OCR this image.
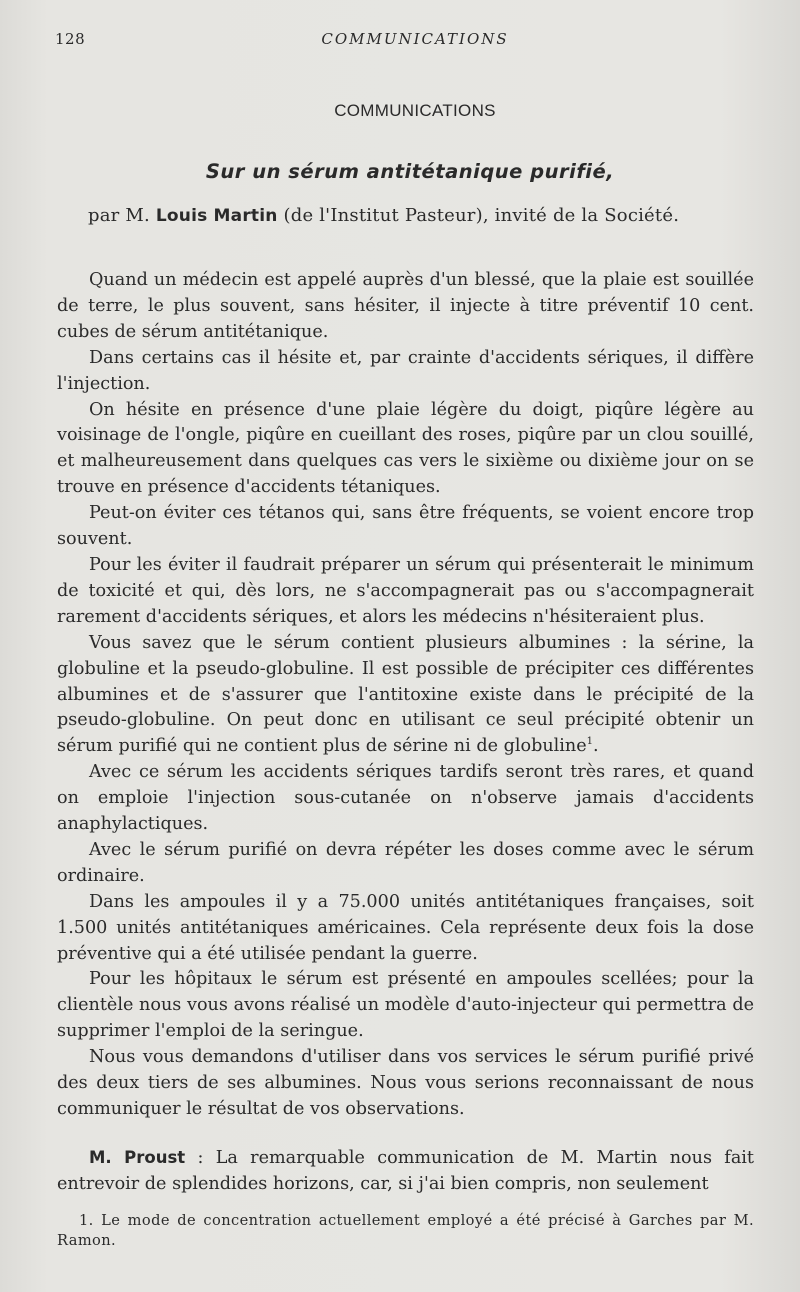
128	COMMUNICATIONS
COMMUNICATIONS
Sur un sérum antitétanique purifié,
par M. Louis Martin (de l'Institut Pasteur), invité de la Société.

Quand un médecin est appelé auprès d'un blessé, que la plaie est souillée de terre, le plus souvent, sans hésiter, il injecte à titre préventif 10 cent. cubes de sérum antitétanique.

Dans certains cas il hésite et, par crainte d'accidents sériques, il diffère l'injection.

On hésite en présence d'une plaie légère du doigt, piqûre légère au voisinage de l'ongle, piqûre en cueillant des roses, piqûre par un clou souillé, et malheureusement dans quelques cas vers le sixième ou dixième jour on se trouve en présence d'accidents tétaniques.

Peut-on éviter ces tétanos qui, sans être fréquents, se voient encore trop souvent.

Pour les éviter il faudrait préparer un sérum qui présenterait le minimum de toxicité et qui, dès lors, ne s'accompagnerait pas ou s'accompagnerait rarement d'accidents sériques, et alors les médecins n'hésiteraient plus.

Vous savez que le sérum contient plusieurs albumines : la sérine, la globuline et la pseudo-globuline. Il est possible de précipiter ces différentes albumines et de s'assurer que l'antitoxine existe dans le précipité de la pseudo-globuline. On peut donc en utilisant ce seul précipité obtenir un sérum purifié qui ne contient plus de sérine ni de globuline$^1$.

Avec ce sérum les accidents sériques tardifs seront très rares, et quand on emploie l'injection sous-cutanée on n'observe jamais d'accidents anaphylactiques.

Avec le sérum purifié on devra répéter les doses comme avec le sérum ordinaire.

Dans les ampoules il y a 75.000 unités antitétaniques françaises, soit 1.500 unités antitétaniques américaines. Cela représente deux fois la dose préventive qui a été utilisée pendant la guerre.

Pour les hôpitaux le sérum est présenté en ampoules scellées; pour la clientèle nous vous avons réalisé un modèle d'auto-injecteur qui permettra de supprimer l'emploi de la seringue.

Nous vous demandons d'utiliser dans vos services le sérum purifié privé des deux tiers de ses albumines. Nous vous serions reconnaissant de nous communiquer le résultat de vos observations.

M. Proust : La remarquable communication de M. Martin nous fait entrevoir de splendides horizons, car, si j'ai bien compris, non seulement

1. Le mode de concentration actuellement employé a été précisé à Garches par M. Ramon.
